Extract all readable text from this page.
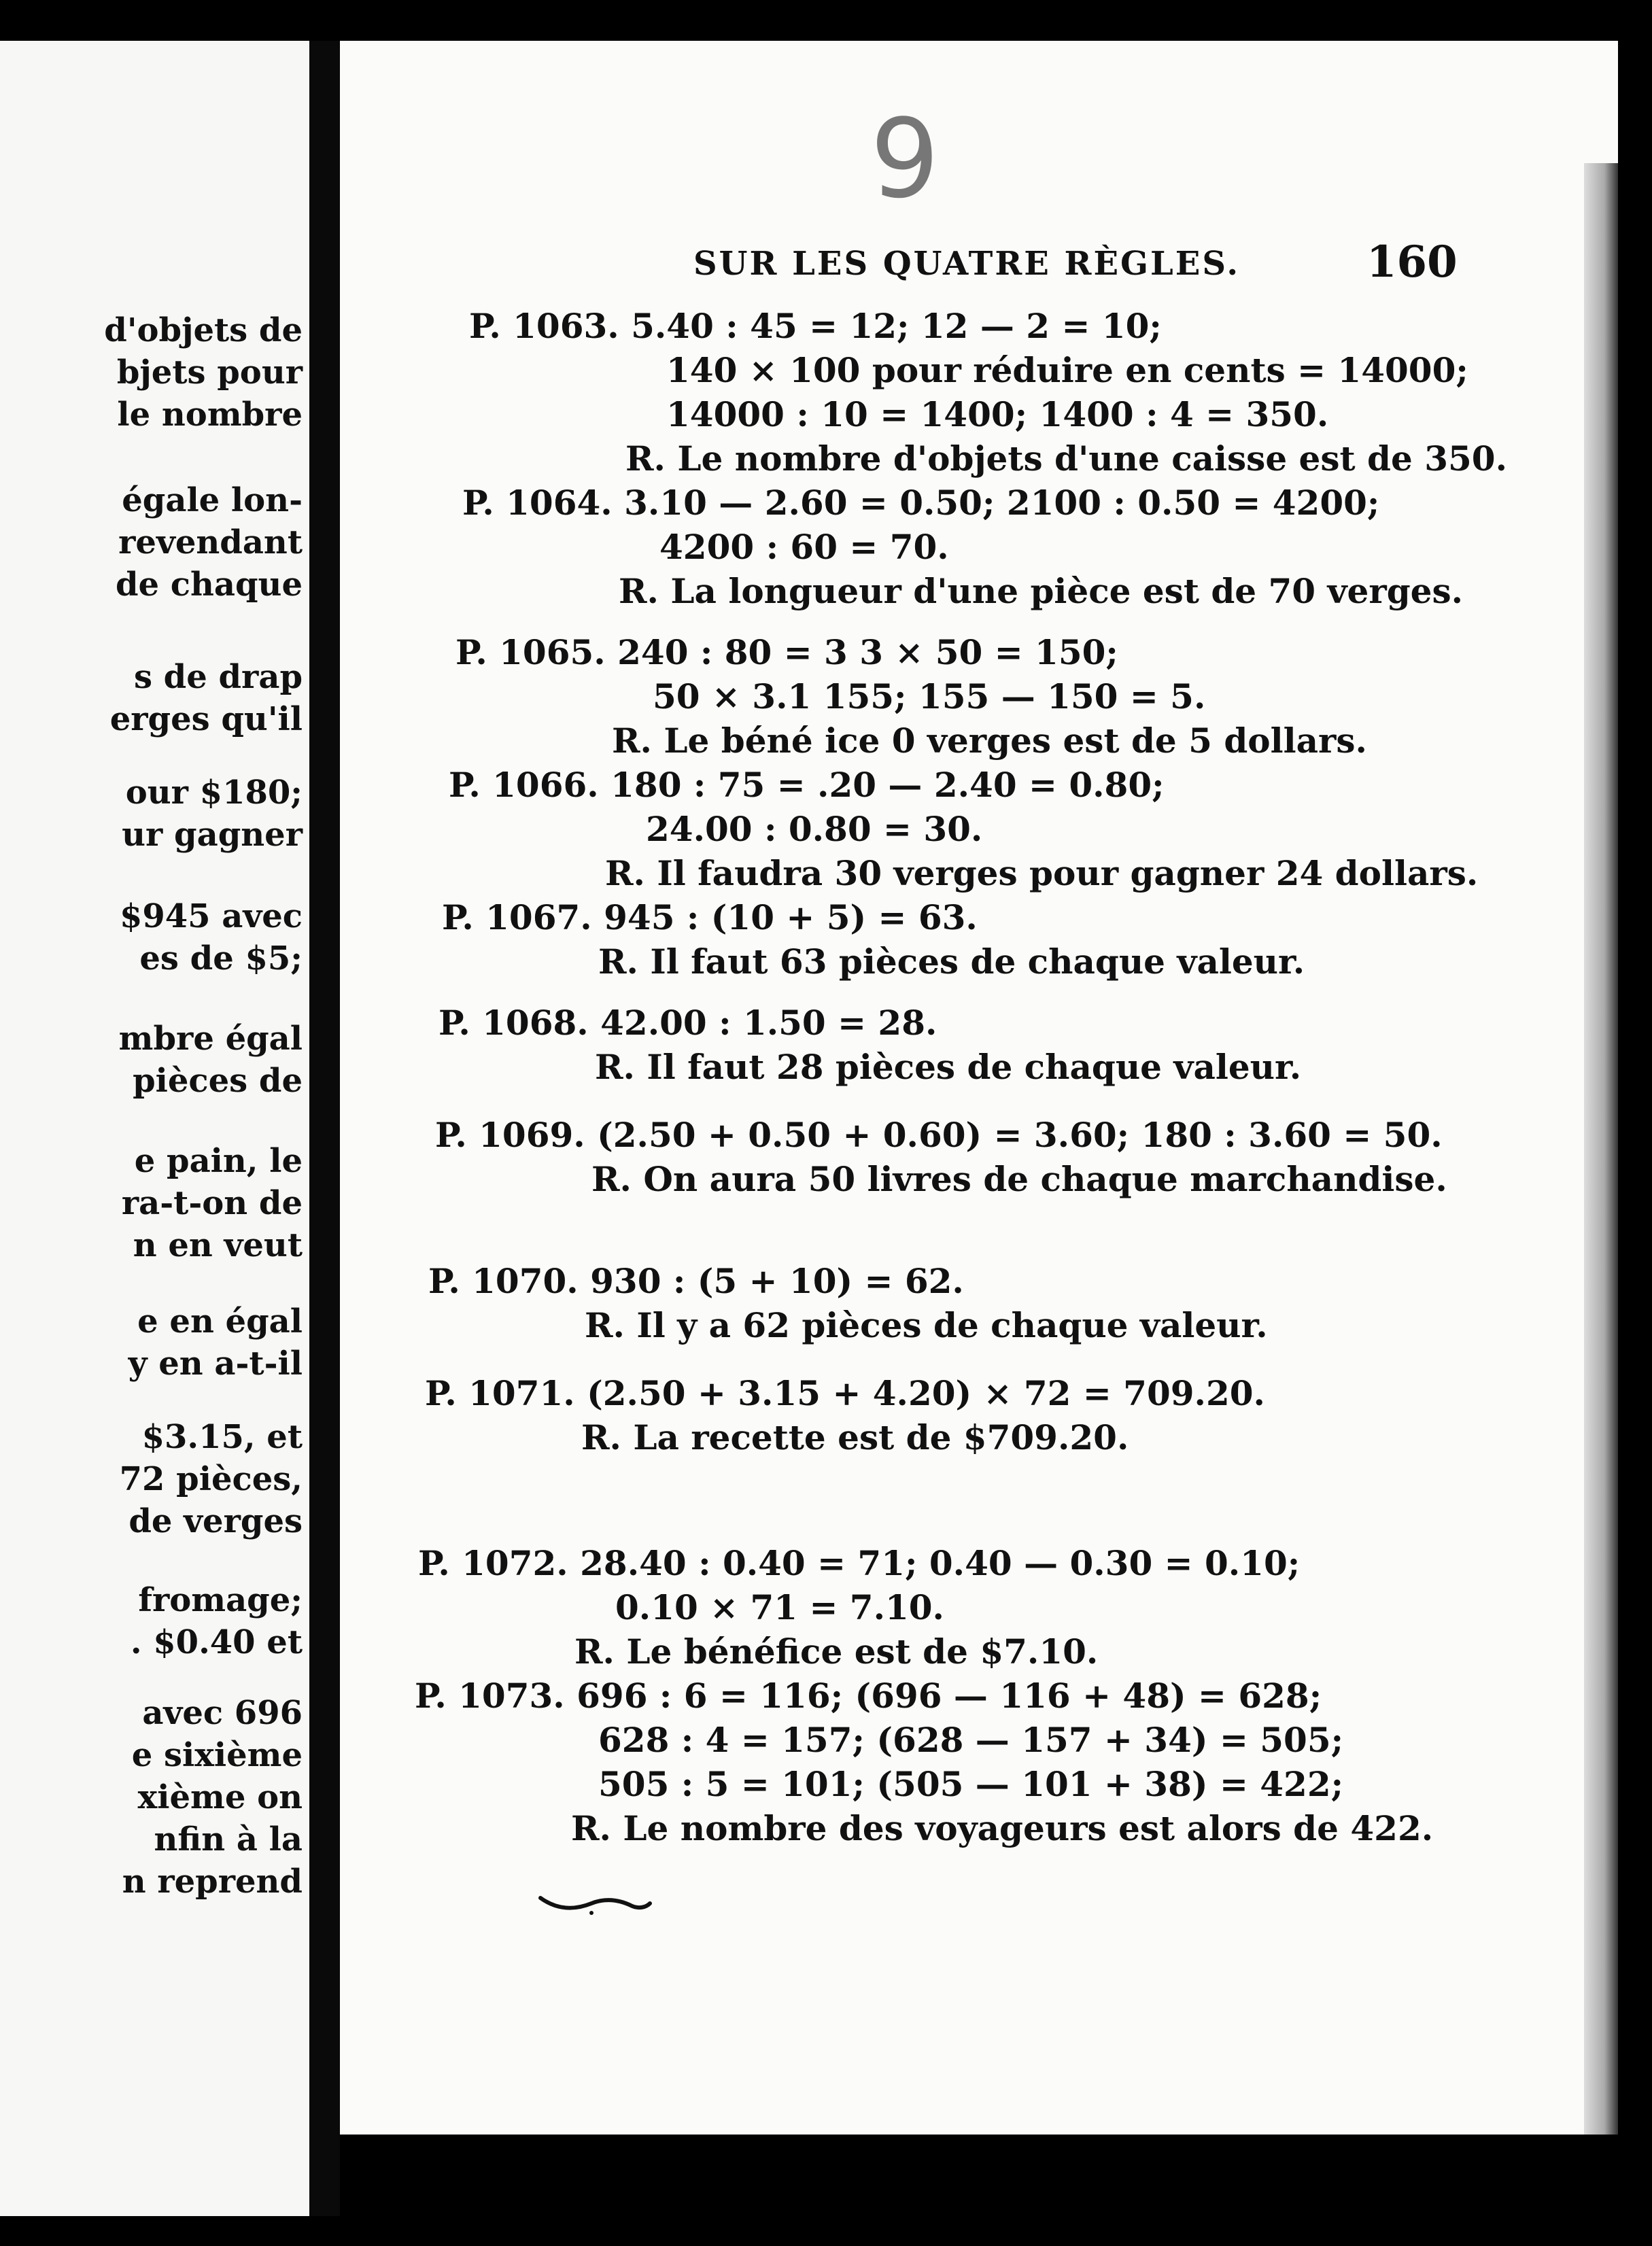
d'objets de
bjets pour
le nombre
égale lon-
revendant
de chaque
s de drap
erges qu'il
our $180;
ur gagner
$945 avec
es de $5;
mbre égal
pièces de
e pain, le
ra-t-on de
n en veut
e en égal
y en a-t-il
$3.15, et
72 pièces,
de verges
fromage;
. $0.40 et
avec 696
e sixième
xième on
nfin à la
n reprend
9
SUR LES QUATRE RÈGLES.	160
P. 1063. 5.40 : 45 = 12; 12 — 2 = 10;
140 × 100 pour réduire en cents = 14000;
14000 : 10 = 1400; 1400 : 4 = 350.
R. Le nombre d'objets d'une caisse est de 350.
P. 1064. 3.10 — 2.60 = 0.50; 2100 : 0.50 = 4200;
4200 : 60 = 70.
R. La longueur d'une pièce est de 70 verges.
P. 1065. 240 : 80 = 3 3 × 50 = 150;
50 × 3.1 155; 155 — 150 = 5.
R. Le béné ice 0 verges est de 5 dollars.
P. 1066. 180 : 75 = .20 — 2.40 = 0.80;
24.00 : 0.80 = 30.
R. Il faudra 30 verges pour gagner 24 dollars.
P. 1067. 945 : (10 + 5) = 63.
R. Il faut 63 pièces de chaque valeur.
P. 1068. 42.00 : 1.50 = 28.
R. Il faut 28 pièces de chaque valeur.
P. 1069. (2.50 + 0.50 + 0.60) = 3.60; 180 : 3.60 = 50.
R. On aura 50 livres de chaque marchandise.
P. 1070. 930 : (5 + 10) = 62.
R. Il y a 62 pièces de chaque valeur.
P. 1071. (2.50 + 3.15 + 4.20) × 72 = 709.20.
R. La recette est de $709.20.
P. 1072. 28.40 : 0.40 = 71; 0.40 — 0.30 = 0.10;
0.10 × 71 = 7.10.
R. Le bénéfice est de $7.10.
P. 1073. 696 : 6 = 116; (696 — 116 + 48) = 628;
628 : 4 = 157; (628 — 157 + 34) = 505;
505 : 5 = 101; (505 — 101 + 38) = 422;
R. Le nombre des voyageurs est alors de 422.
